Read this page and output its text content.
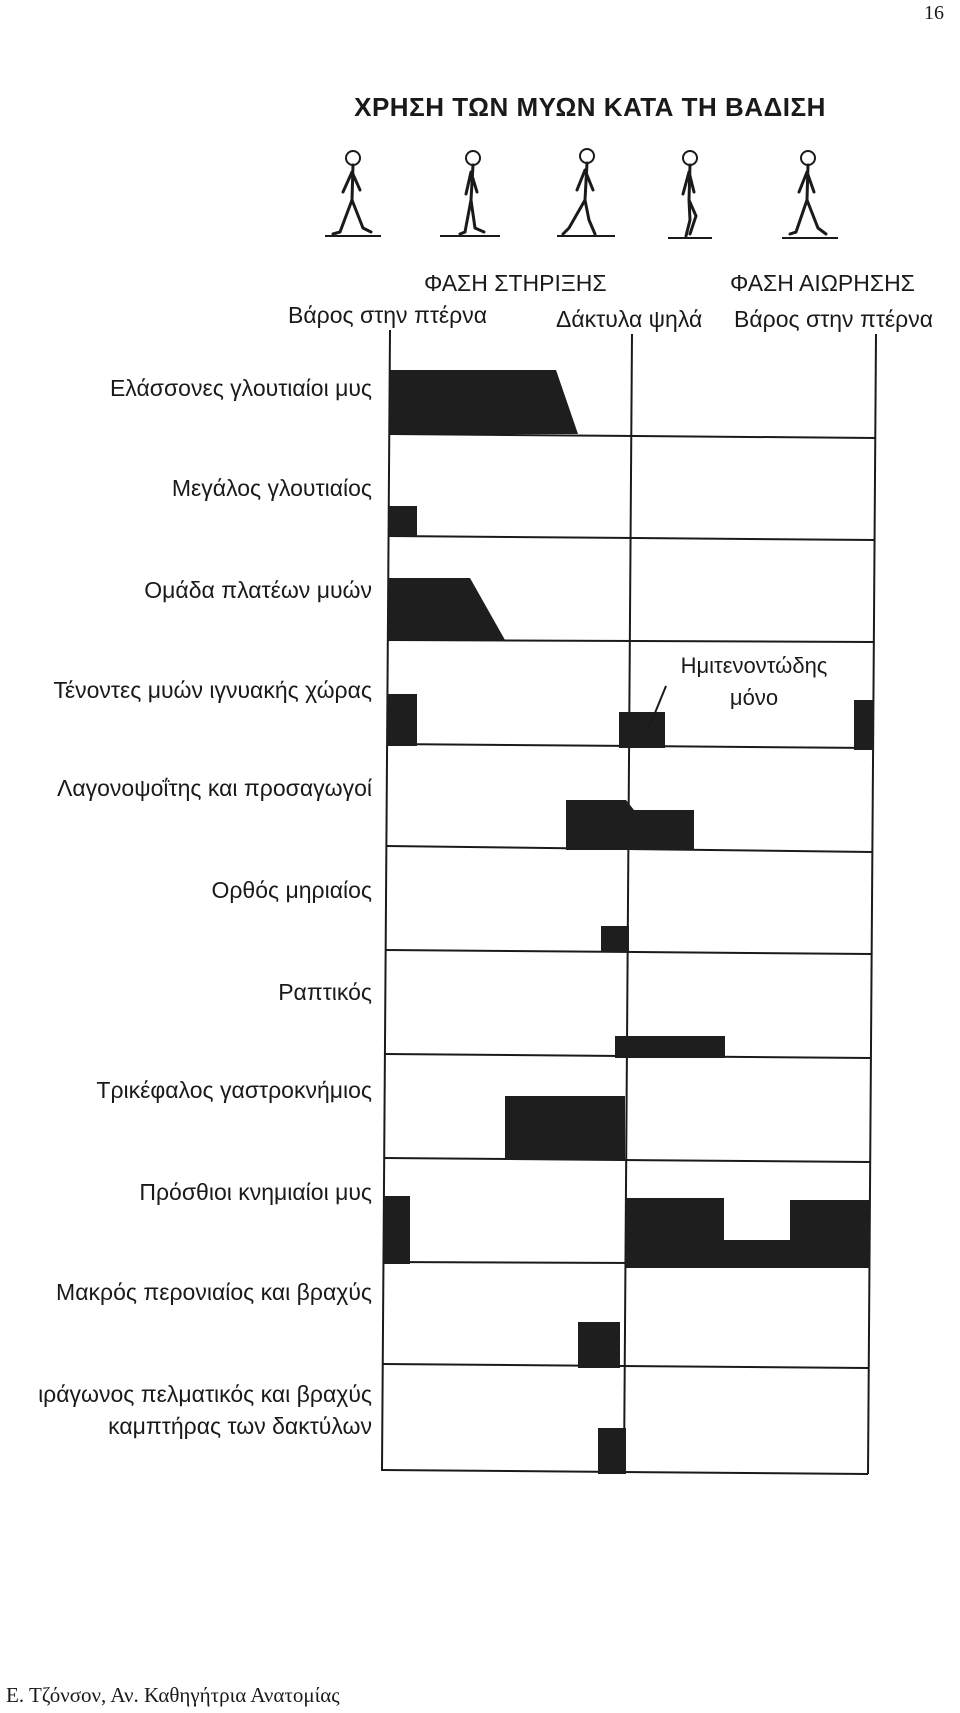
16
ΧΡΗΣΗ ΤΩΝ ΜΥΩΝ ΚΑΤΑ ΤΗ ΒΑΔΙΣΗ
ΦΑΣΗ ΣΤΗΡΙΞΗΣ	ΦΑΣΗ ΑΙΩΡΗΣΗΣ
Βάρος στην πτέρνα	Δάκτυλα ψηλά Βάρος στην πτέρνα
Ελάσσονες γλουτιαίοι μυς
Μεγάλος γλουτιαίος
Ομάδα πλατέων μυών
Τένοντες μυών ιγνυακής χώρας
Λαγονοψοΐτης και προσαγωγοί
Ορθός μηριαίος
Ραπτικός
Τρικέφαλος γαστροκνήμιος
Πρόσθιοι κνημιαίοι μυς
Μακρός περονιαίος και βραχύς
ιράγωνος πελματικός και βραχύς
καμπτήρας των δακτύλων
Ημιτενοντώδης
μόνο
Ε. Τζόνσον, Αν. Καθηγήτρια Ανατομίας
